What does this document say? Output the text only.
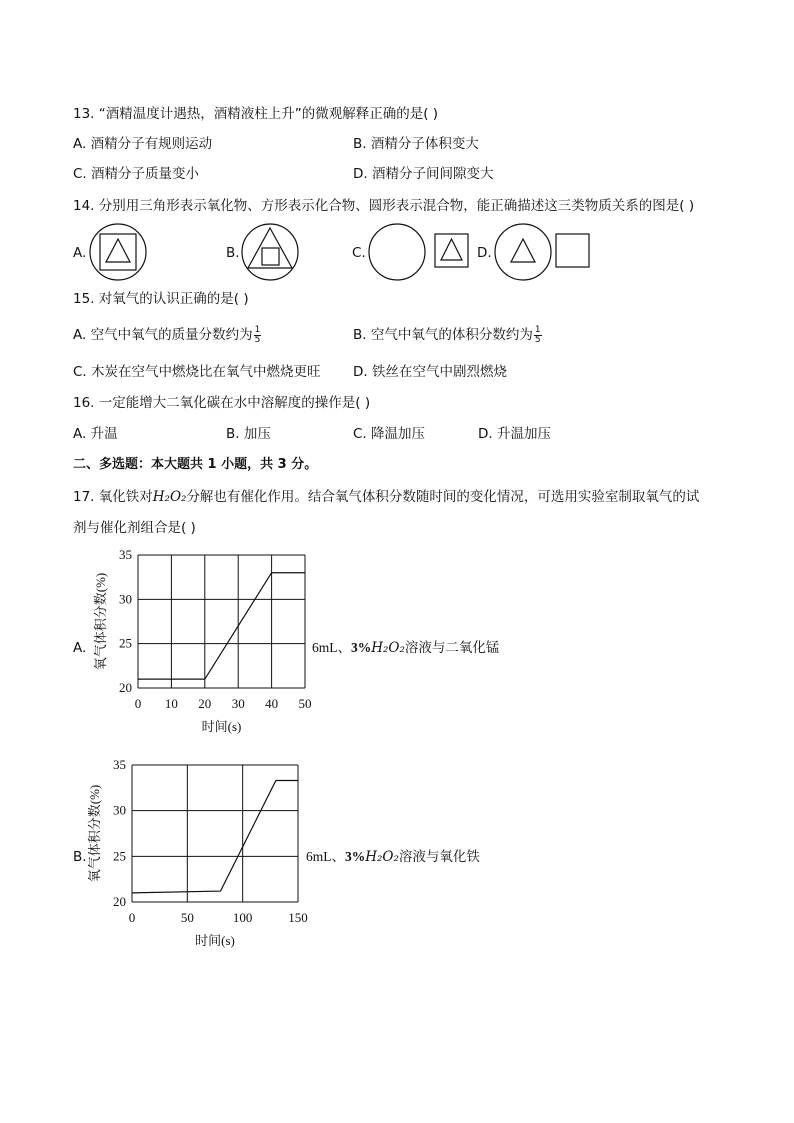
13. “酒精温度计遇热，酒精液柱上升”的微观解释正确的是( )
A. 酒精分子有规则运动	B. 酒精分子体积变大
C. 酒精分子质量变小	D. 酒精分子间间隙变大
14. 分别用三角形表示氧化物、方形表示化合物、圆形表示混合物，能正确描述这三类物质关系的图是( )
A.	B.	C.	D.
15. 对氧气的认识正确的是( )
A. 空气中氧气的质量分数约为 $\frac{1}{5}$	B. 空气中氧气的体积分数约为 $\frac{1}{5}$
C. 木炭在空气中燃烧比在氧气中燃烧更旺 D. 铁丝在空气中剧烈燃烧
16. 一定能增大二氧化碳在水中溶解度的操作是( )
A. 升温	B. 加压	C. 降温加压	D. 升温加压
二、多选题：本大题共 1 小题，共 3 分。
17. 氧化铁对H₂O₂分解也有催化作用。结合氧气体积分数随时间的变化情况，可选用实验室制取氧气的试
剂与催化剂组合是( )
A.
0 10 20 30 40 50
20
25
30
35
时间(s)
氧气体积分数(%)	6mL、3%H₂O₂溶液与二氧化锰
B.
0	50	100	150
20
25
30
35
时间(s)
氧气体积分数(%)	6mL、3%H₂O₂溶液与氧化铁
